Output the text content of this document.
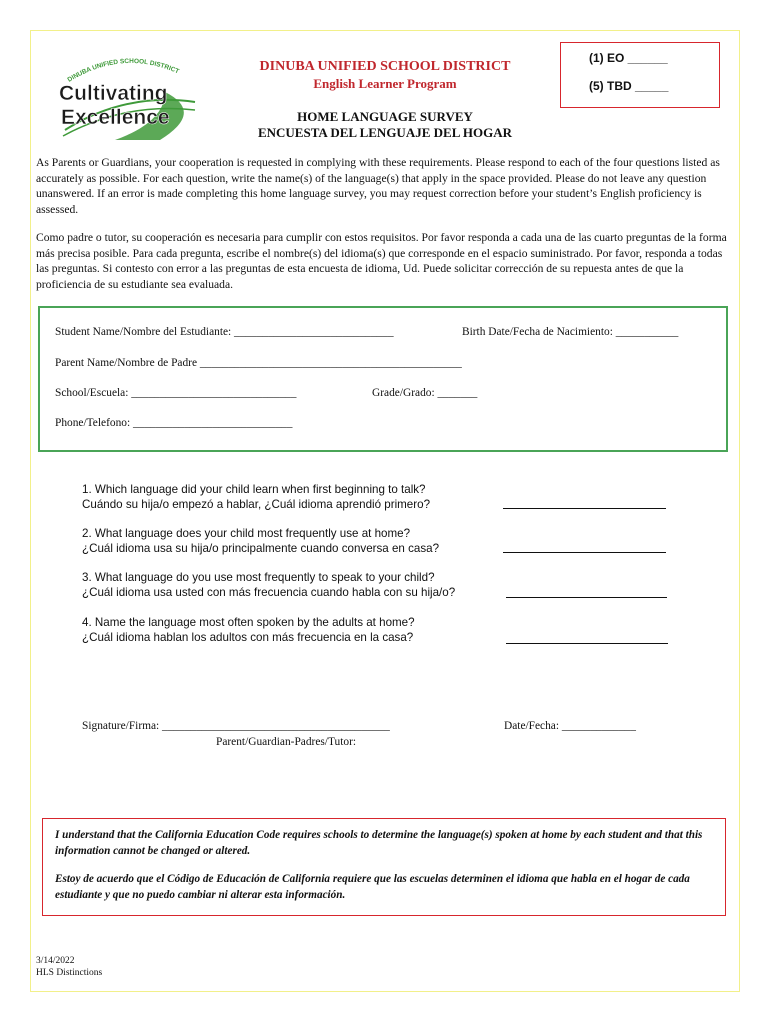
DINUBA UNIFIED SCHOOL DISTRICT
Cultivating
Excellence
DINUBA UNIFIED SCHOOL DISTRICT
English Learner Program
(1) EO ______
(5) TBD _____
HOME LANGUAGE SURVEY
ENCUESTA DEL LENGUAJE DEL HOGAR
As Parents or Guardians, your cooperation is requested in complying with these requirements. Please respond to each of the four questions listed as accurately as possible. For each question, write the name(s) of the language(s) that apply in the space provided. Please do not leave any question unanswered. If an error is made completing this home language survey, you may request correction before your student’s English proficiency is assessed.
Como padre o tutor, su cooperación es necesaria para cumplir con estos requisitos. Por favor responda a cada una de las cuarto preguntas de la forma más precisa posible. Para cada pregunta, escribe el nombre(s) del idioma(s) que corresponde en el espacio suministrado. Por favor, responda a todas las preguntas. Si contesto con error a las preguntas de esta encuesta de idioma, Ud. Puede solicitar corrección de su repuesta antes de que la proficiencia de su estudiante sea evaluada.
Student Name/Nombre del Estudiante: ____________________________	Birth Date/Fecha de Nacimiento: ___________
Parent Name/Nombre de Padre ______________________________________________
School/Escuela: _____________________________	Grade/Grado: _______
Phone/Telefono: ____________________________
1. Which language did your child learn when first beginning to talk?
Cuándo su hija/o empezó a hablar, ¿Cuál idioma aprendió primero?
2. What language does your child most frequently use at home?
¿Cuál idioma usa su hija/o principalmente cuando conversa en casa?
3. What language do you use most frequently to speak to your child?
¿Cuál idioma usa usted con más frecuencia cuando habla con su hija/o?
4. Name the language most often spoken by the adults at home?
¿Cuál idioma hablan los adultos con más frecuencia en la casa?
Signature/Firma: ________________________________________	Date/Fecha: _____________
Parent/Guardian-Padres/Tutor:

I understand that the California Education Code requires schools to determine the language(s) spoken at home by each student and that this information cannot be changed or altered.

Estoy de acuerdo que el Código de Educación de California requiere que las escuelas determinen el idioma que habla en el hogar de cada estudiante y que no puedo cambiar ni alterar esta información.

3/14/2022
HLS Distinctions
